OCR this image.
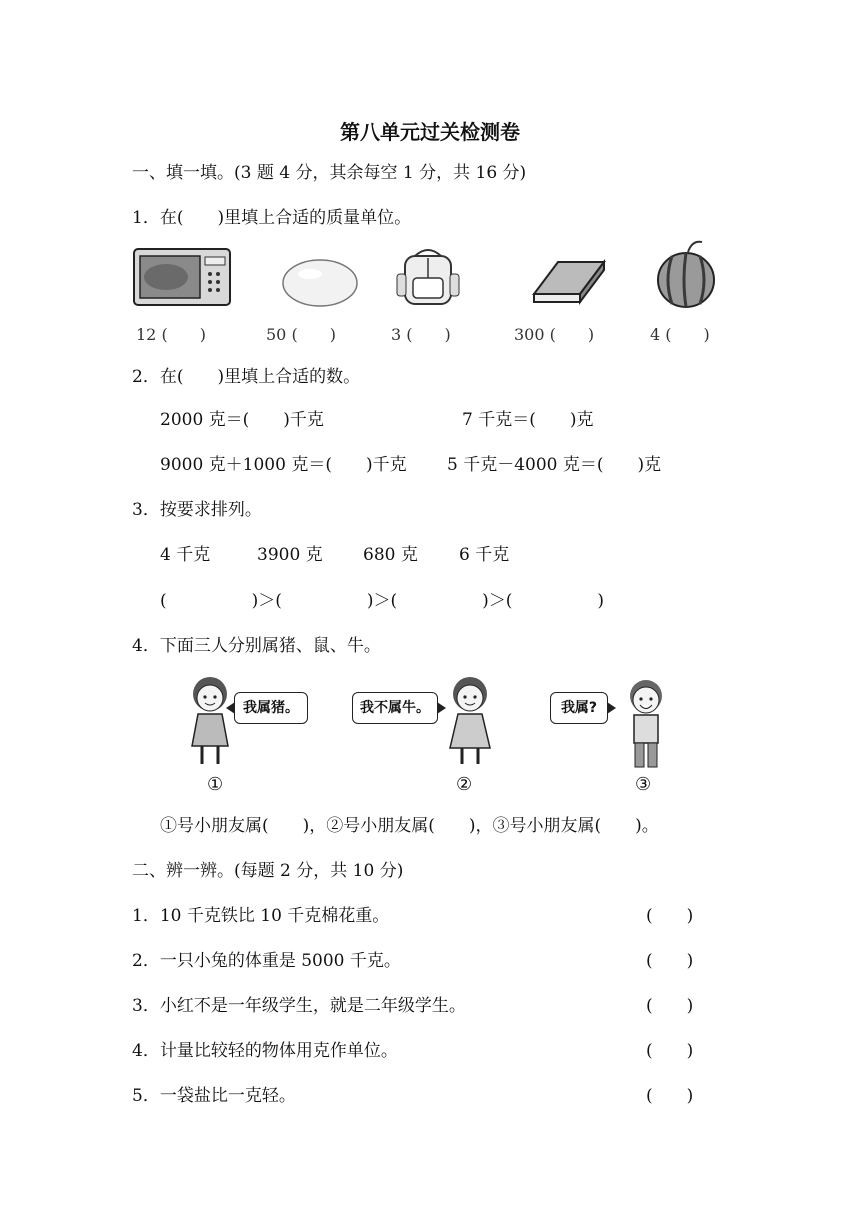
第八单元过关检测卷
一、填一填。(3 题 4 分，其余每空 1 分，共 16 分)
1．在(　　)里填上合适的质量单位。
12 (　　)	50 (　　)	3 (　　)	300 (　　)	4 (　　)
2．在(　　)里填上合适的数。
2000 克＝(　　)千克	7 千克＝(　　)克
9000 克＋1000 克＝(　　)千克 5 千克－4000 克＝(　　)克
3．按要求排列。
4 千克	3900 克 680 克 6 千克
(　　　　　)＞(　　　　　)＞(　　　　　)＞(　　　　　)
4．下面三人分别属猪、鼠、牛。
我属猪。	我不属牛。	我属?
①	②	③
①号小朋友属(　　)，②号小朋友属(　　)，③号小朋友属(　　)。
二、辨一辨。(每题 2 分，共 10 分)
1．10 千克铁比 10 千克棉花重。	(　　)
2．一只小兔的体重是 5000 千克。	(　　)
3．小红不是一年级学生，就是二年级学生。	(　　)
4．计量比较轻的物体用克作单位。	(　　)
5．一袋盐比一克轻。	(　　)
